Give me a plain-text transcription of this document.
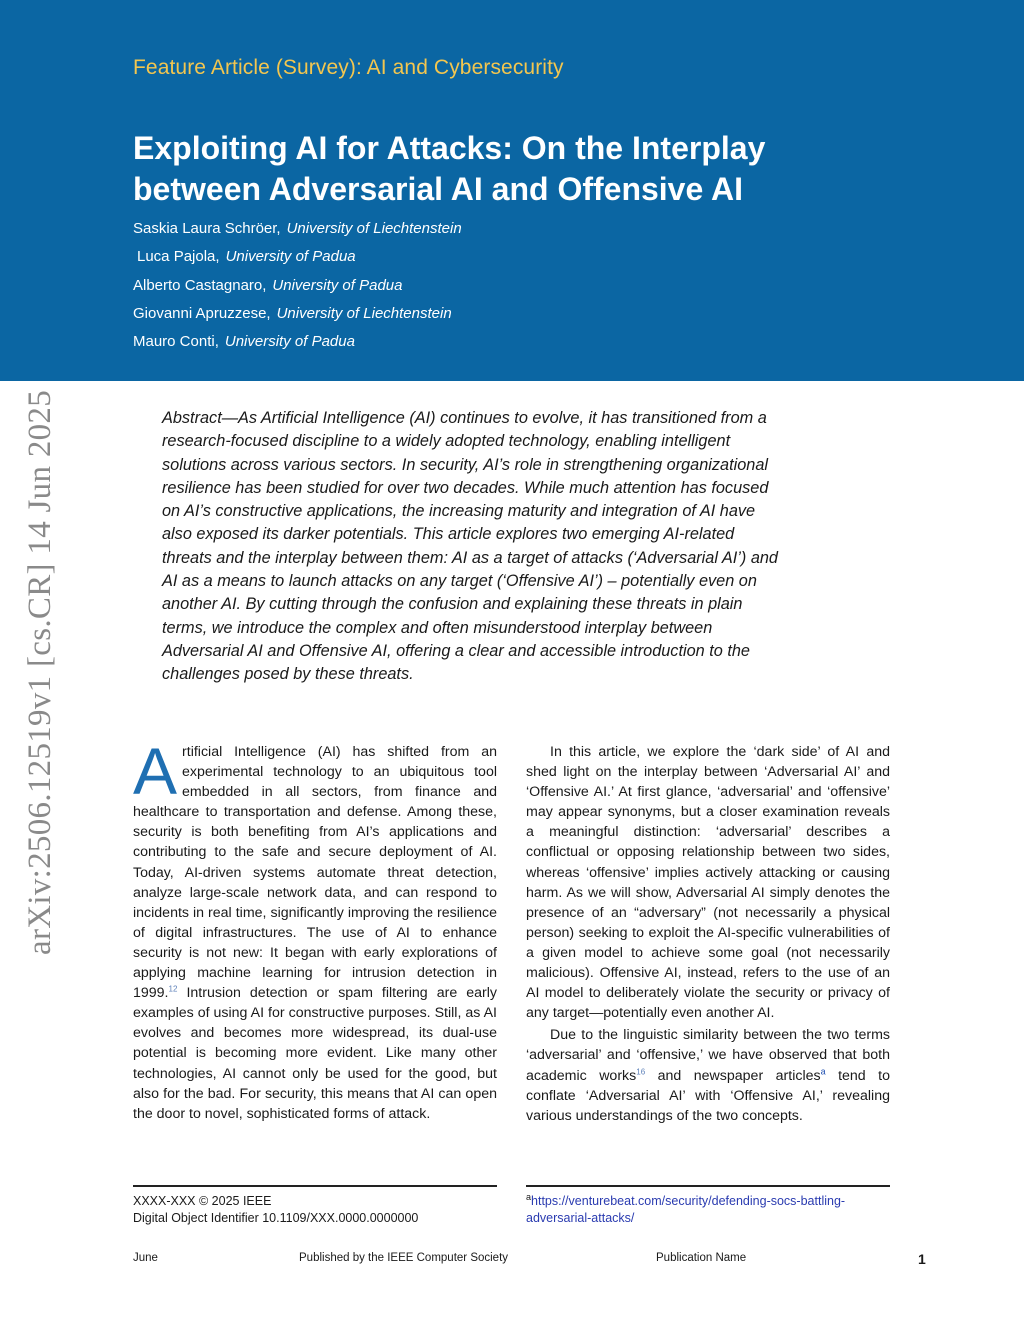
Feature Article (Survey): AI and Cybersecurity
Exploiting AI for Attacks: On the Interplay between Adversarial AI and Offensive AI
Saskia Laura Schröer, University of Liechtenstein
Luca Pajola, University of Padua
Alberto Castagnaro, University of Padua
Giovanni Apruzzese, University of Liechtenstein
Mauro Conti, University of Padua
arXiv:2506.12519v1 [cs.CR] 14 Jun 2025	Abstract—As Artificial Intelligence (AI) continues to evolve, it has transitioned from a research-focused discipline to a widely adopted technology, enabling intelligent solutions across various sectors. In security, AI’s role in strengthening organizational resilience has been studied for over two decades. While much attention has focused on AI’s constructive applications, the increasing maturity and integration of AI have also exposed its darker potentials. This article explores two emerging AI-related threats and the interplay between them: AI as a target of attacks (‘Adversarial AI’) and AI as a means to launch attacks on any target (‘Offensive AI’) – potentially even on another AI. By cutting through the confusion and explaining these threats in plain terms, we introduce the complex and often misunderstood interplay between Adversarial AI and Offensive AI, offering a clear and accessible introduction to the challenges posed by these threats.

Artificial Intelligence (AI) has shifted from an experimental technology to an ubiquitous tool embedded in all sectors, from finance and healthcare to transportation and defense. Among these, security is both benefiting from AI’s applications and contributing to the safe and secure deployment of AI. Today, AI-driven systems automate threat detection, analyze large-scale network data, and can respond to incidents in real time, significantly improving the resilience of digital infrastructures. The use of AI to enhance security is not new: It began with early explorations of applying machine learning for intrusion detection in 1999.12 Intrusion detection or spam filtering are early examples of using AI for constructive purposes. Still, as AI evolves and becomes more widespread, its dual-use potential is becoming more evident. Like many other technologies, AI cannot only be used for the good, but also for the bad. For security, this means that AI can open the door to novel, sophisticated forms of attack.

In this article, we explore the ‘dark side’ of AI and shed light on the interplay between ‘Adversarial AI’ and ‘Offensive AI.’ At first glance, ‘adversarial’ and ‘offensive’ may appear synonyms, but a closer examination reveals a meaningful distinction: ‘adversarial’ describes a conflictual or opposing relationship between two sides, whereas ‘offensive’ implies actively attacking or causing harm. As we will show, Adversarial AI simply denotes the presence of an “adversary” (not necessarily a physical person) seeking to exploit the AI-specific vulnerabilities of a given model to achieve some goal (not necessarily malicious). Offensive AI, instead, refers to the use of an AI model to deliberately violate the security or privacy of any target—potentially even another AI.

Due to the linguistic similarity between the two terms ‘adversarial’ and ‘offensive,’ we have observed that both academic works$^{16}$ and newspaper articles$^a$ tend to conflate ‘Adversarial AI’ with ‘Offensive AI,’ revealing various understandings of the two concepts.

XXXX-XXX © 2025 IEEE
Digital Object Identifier 10.1109/XXX.0000.0000000
$^a$https://venturebeat.com/security/defending-socs-battling-adversarial-attacks/
June	Published by the IEEE Computer Society	Publication Name	1
